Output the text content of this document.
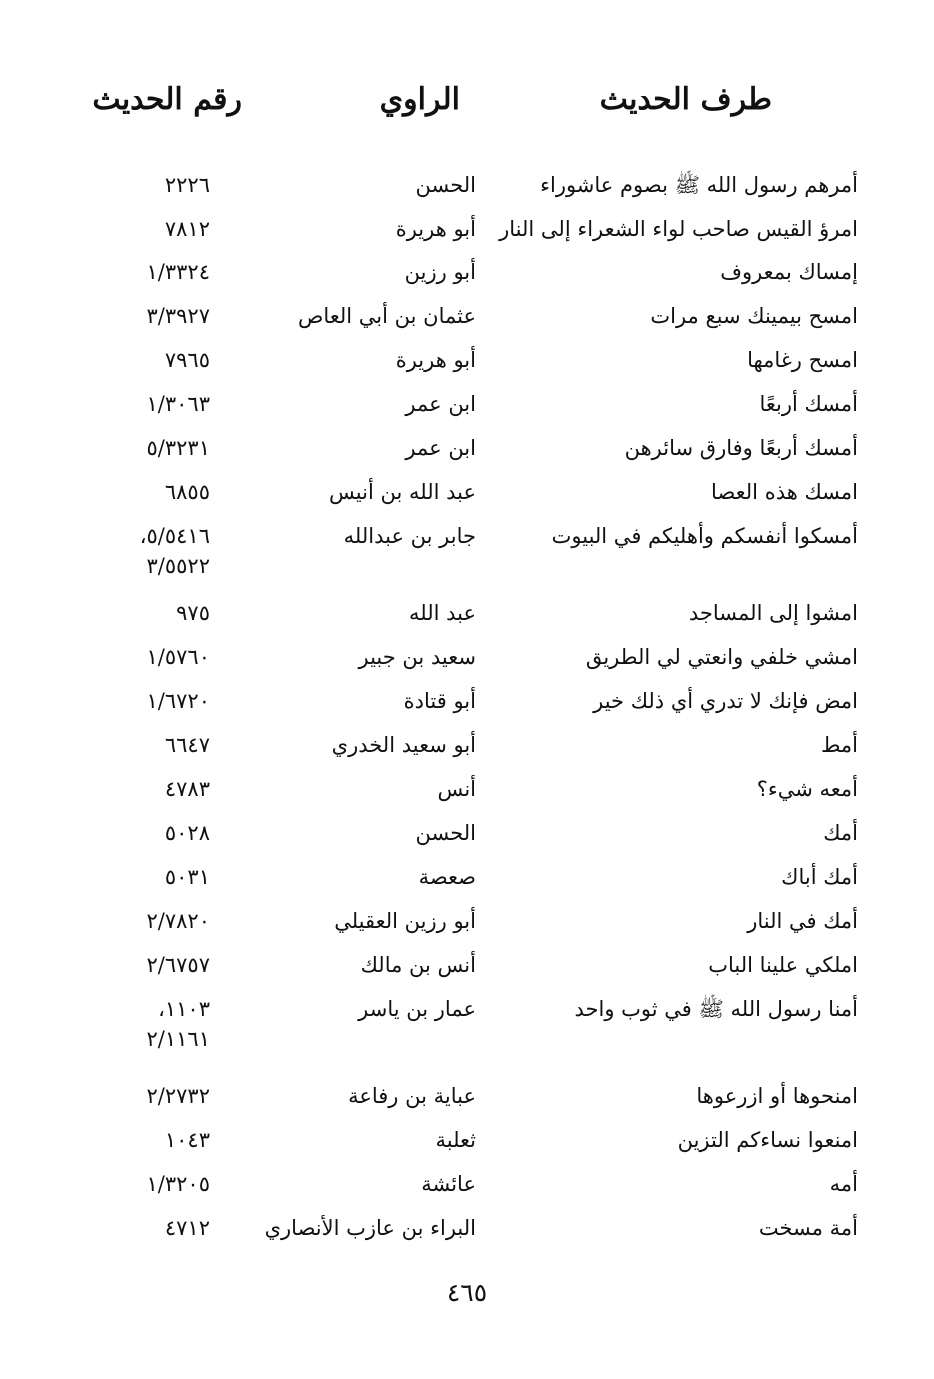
طرف الحديث
الراوي
رقم الحديث
أمرهم رسول الله ﷺ بصوم عاشوراء
الحسن
٢٢٢٦
امرؤ القيس صاحب لواء الشعراء إلى النار
أبو هريرة
٧٨١٢
إمساك بمعروف
أبو رزين
١/٣٣٢٤
امسح بيمينك سبع مرات
عثمان بن أبي العاص
٣/٣٩٢٧
امسح رغامها
أبو هريرة
٧٩٦٥
أمسك أربعًا
ابن عمر
١/٣٠٦٣
أمسك أربعًا وفارق سائرهن
ابن عمر
٥/٣٢٣١
امسك هذه العصا
عبد الله بن أنيس
٦٨٥٥
أمسكوا أنفسكم وأهليكم في البيوت
جابر بن عبدالله
٥/٥٤١٦،
٣/٥٥٢٢
امشوا إلى المساجد
عبد الله
٩٧٥
امشي خلفي وانعتي لي الطريق
سعيد بن جبير
١/٥٧٦٠
امض فإنك لا تدري أي ذلك خير
أبو قتادة
١/٦٧٢٠
أمط
أبو سعيد الخدري
٦٦٤٧
أمعه شيء؟
أنس
٤٧٨٣
أمك
الحسن
٥٠٢٨
أمك أباك
صعصة
٥٠٣١
أمك في النار
أبو رزين العقيلي
٢/٧٨٢٠
املكي علينا الباب
أنس بن مالك
٢/٦٧٥٧
أمنا رسول الله ﷺ في ثوب واحد
عمار بن ياسر
١١٠٣،
٢/١١٦١
امنحوها أو ازرعوها
عباية بن رفاعة
٢/٢٧٣٢
امنعوا نساءكم التزين
ثعلبة
١٠٤٣
أمه
عائشة
١/٣٢٠٥
أمة مسخت
البراء بن عازب الأنصاري
٤٧١٢
٤٦٥
